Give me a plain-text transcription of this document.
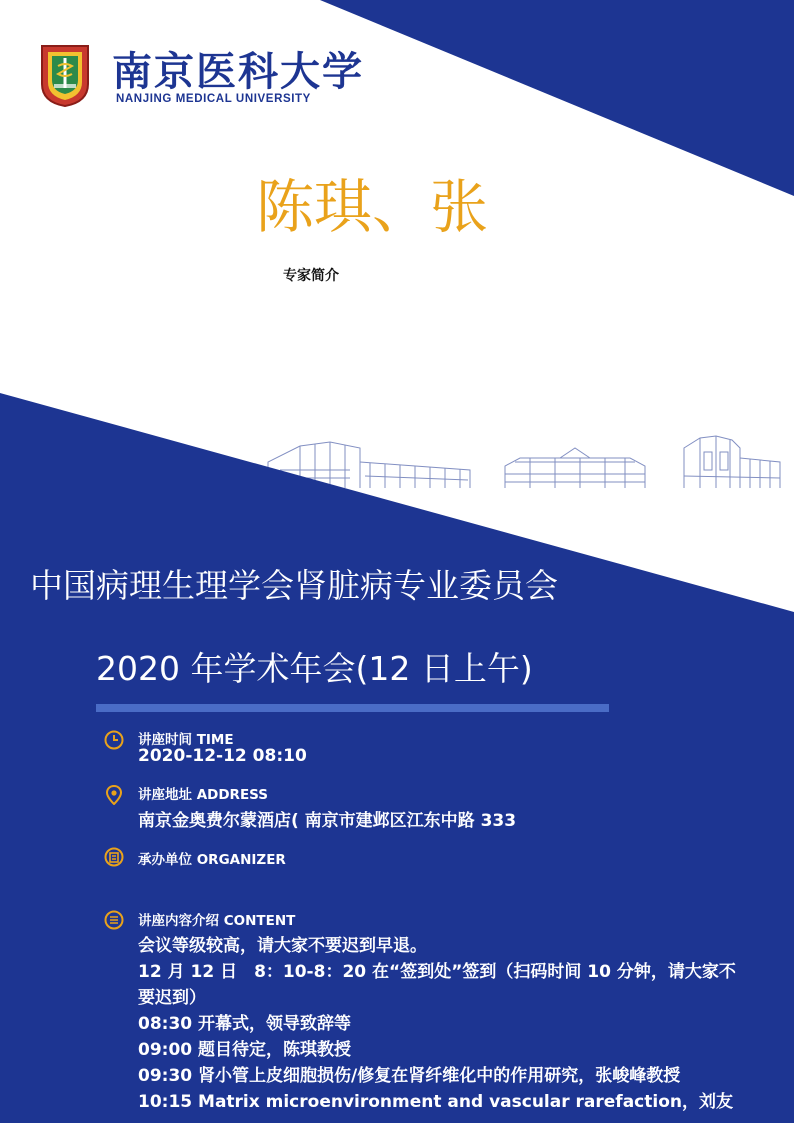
南京医科大学
NANJING MEDICAL UNIVERSITY
陈琪、张
专家简介
中国病理生理学会肾脏病专业委员会
2020 年学术年会(12 日上午)
讲座时间 TIME
2020-12-12 08:10
讲座地址 ADDRESS
南京金奥费尔蒙酒店( 南京市建邺区江东中路 333
承办单位 ORGANIZER
讲座内容介绍 CONTENT
会议等级较高，请大家不要迟到早退。
12 月 12 日　8：10-8：20 在“签到处”签到（扫码时间 10 分钟，请大家不要迟到）
08:30 开幕式，领导致辞等
09:00 题目待定，陈琪教授
09:30 肾小管上皮细胞损伤/修复在肾纤维化中的作用研究，张峻峰教授
10:15 Matrix microenvironment and vascular rarefaction，刘友
